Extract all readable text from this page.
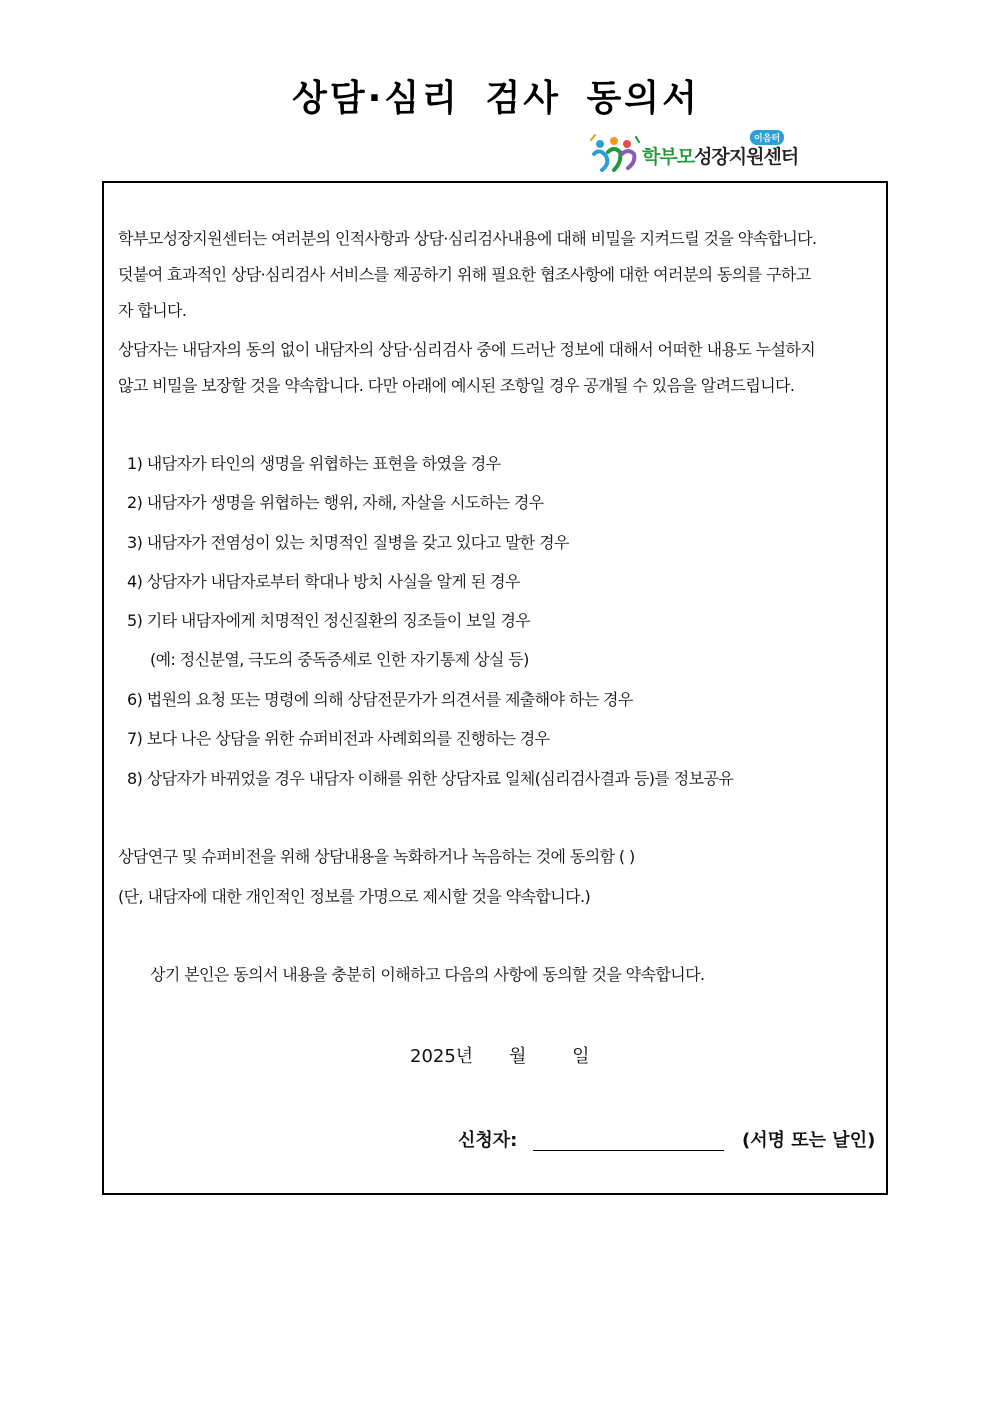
상담·심리 검사 동의서
학부모성장지원센터
이음터
학부모성장지원센터는 여러분의 인적사항과 상담·심리검사내용에 대해 비밀을 지켜드릴 것을 약속합니다.
덧붙여 효과적인 상담·심리검사 서비스를 제공하기 위해 필요한 협조사항에 대한 여러분의 동의를 구하고
자 합니다.
상담자는 내담자의 동의 없이 내담자의 상담·심리검사 중에 드러난 정보에 대해서 어떠한 내용도 누설하지
않고 비밀을 보장할 것을 약속합니다. 다만 아래에 예시된 조항일 경우 공개될 수 있음을 알려드립니다.
1) 내담자가 타인의 생명을 위협하는 표현을 하였을 경우
2) 내담자가 생명을 위협하는 행위, 자해, 자살을 시도하는 경우
3) 내담자가 전염성이 있는 치명적인 질병을 갖고 있다고 말한 경우
4) 상담자가 내담자로부터 학대나 방치 사실을 알게 된 경우
5) 기타 내담자에게 치명적인 정신질환의 징조들이 보일 경우
(예: 정신분열, 극도의 중독증세로 인한 자기통제 상실 등)
6) 법원의 요청 또는 명령에 의해 상담전문가가 의견서를 제출해야 하는 경우
7) 보다 나은 상담을 위한 슈퍼비전과 사례회의를 진행하는 경우
8) 상담자가 바뀌었을 경우 내담자 이해를 위한 상담자료 일체(심리검사결과 등)를 정보공유
상담연구 및 슈퍼비전을 위해 상담내용을 녹화하거나 녹음하는 것에 동의함 ( )
(단, 내담자에 대한 개인적인 정보를 가명으로 제시할 것을 약속합니다.)
상기 본인은 동의서 내용을 충분히 이해하고 다음의 사항에 동의할 것을 약속합니다.
2025년 월	일
신청자:	(서명 또는 날인)
